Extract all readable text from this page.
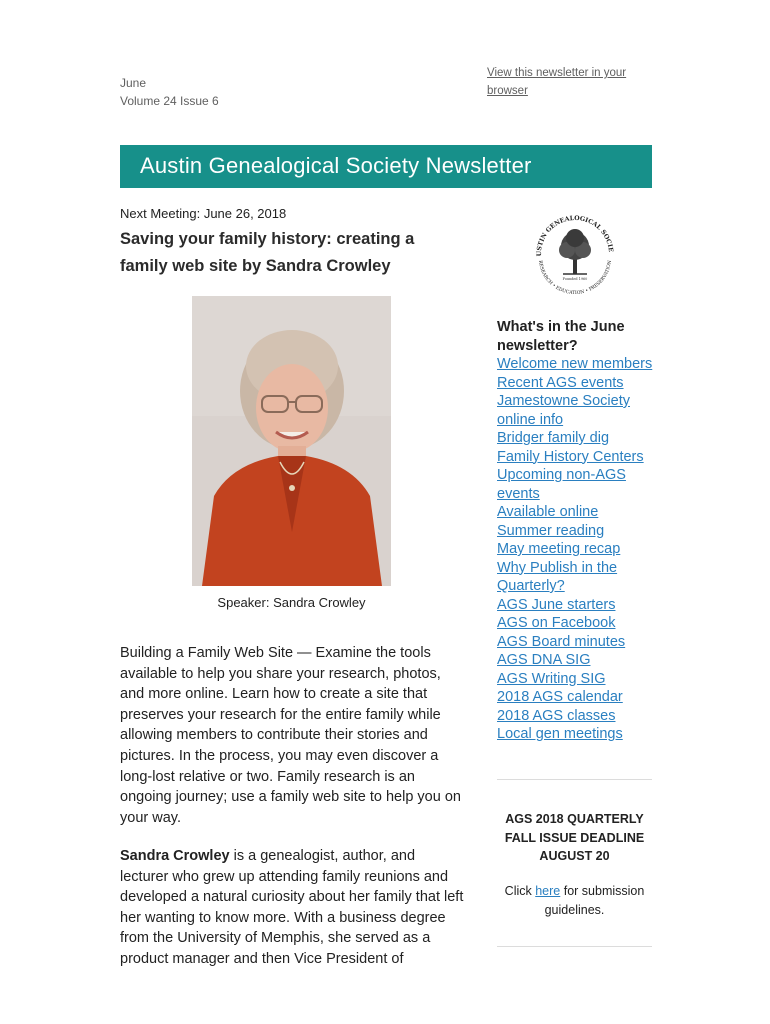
June
Volume 24 Issue 6
View this newsletter in your browser
Austin Genealogical Society Newsletter
Next Meeting: June 26, 2018
Saving your family history: creating a family web site by Sandra Crowley
Speaker: Sandra Crowley
Building a Family Web Site — Examine the tools available to help you share your research, photos, and more online. Learn how to create a site that preserves your research for the entire family while allowing members to contribute their stories and pictures. In the process, you may even discover a long-lost relative or two. Family research is an ongoing journey; use a family web site to help you on your way.
Sandra Crowley is a genealogist, author, and lecturer who grew up attending family reunions and developed a natural curiosity about her family that left her wanting to know more. With a business degree from the University of Memphis, she served as a product manager and then Vice President of
USTIN GENEALOGICAL SOCIE
RESEARCH • EDUCATION • PRESERVATION
Founded 1960
What's in the June newsletter?
Welcome new members
Recent AGS events
Jamestowne Society online info
Bridger family dig
Family History Centers
Upcoming non-AGS events
Available online
Summer reading
May meeting recap
Why Publish in the Quarterly?
AGS June starters
AGS on Facebook
AGS Board minutes
AGS DNA SIG
AGS Writing SIG
2018 AGS calendar
2018 AGS classes
Local gen meetings
AGS 2018 QUARTERLY
FALL ISSUE DEADLINE
AUGUST 20
Click here for submission guidelines.
